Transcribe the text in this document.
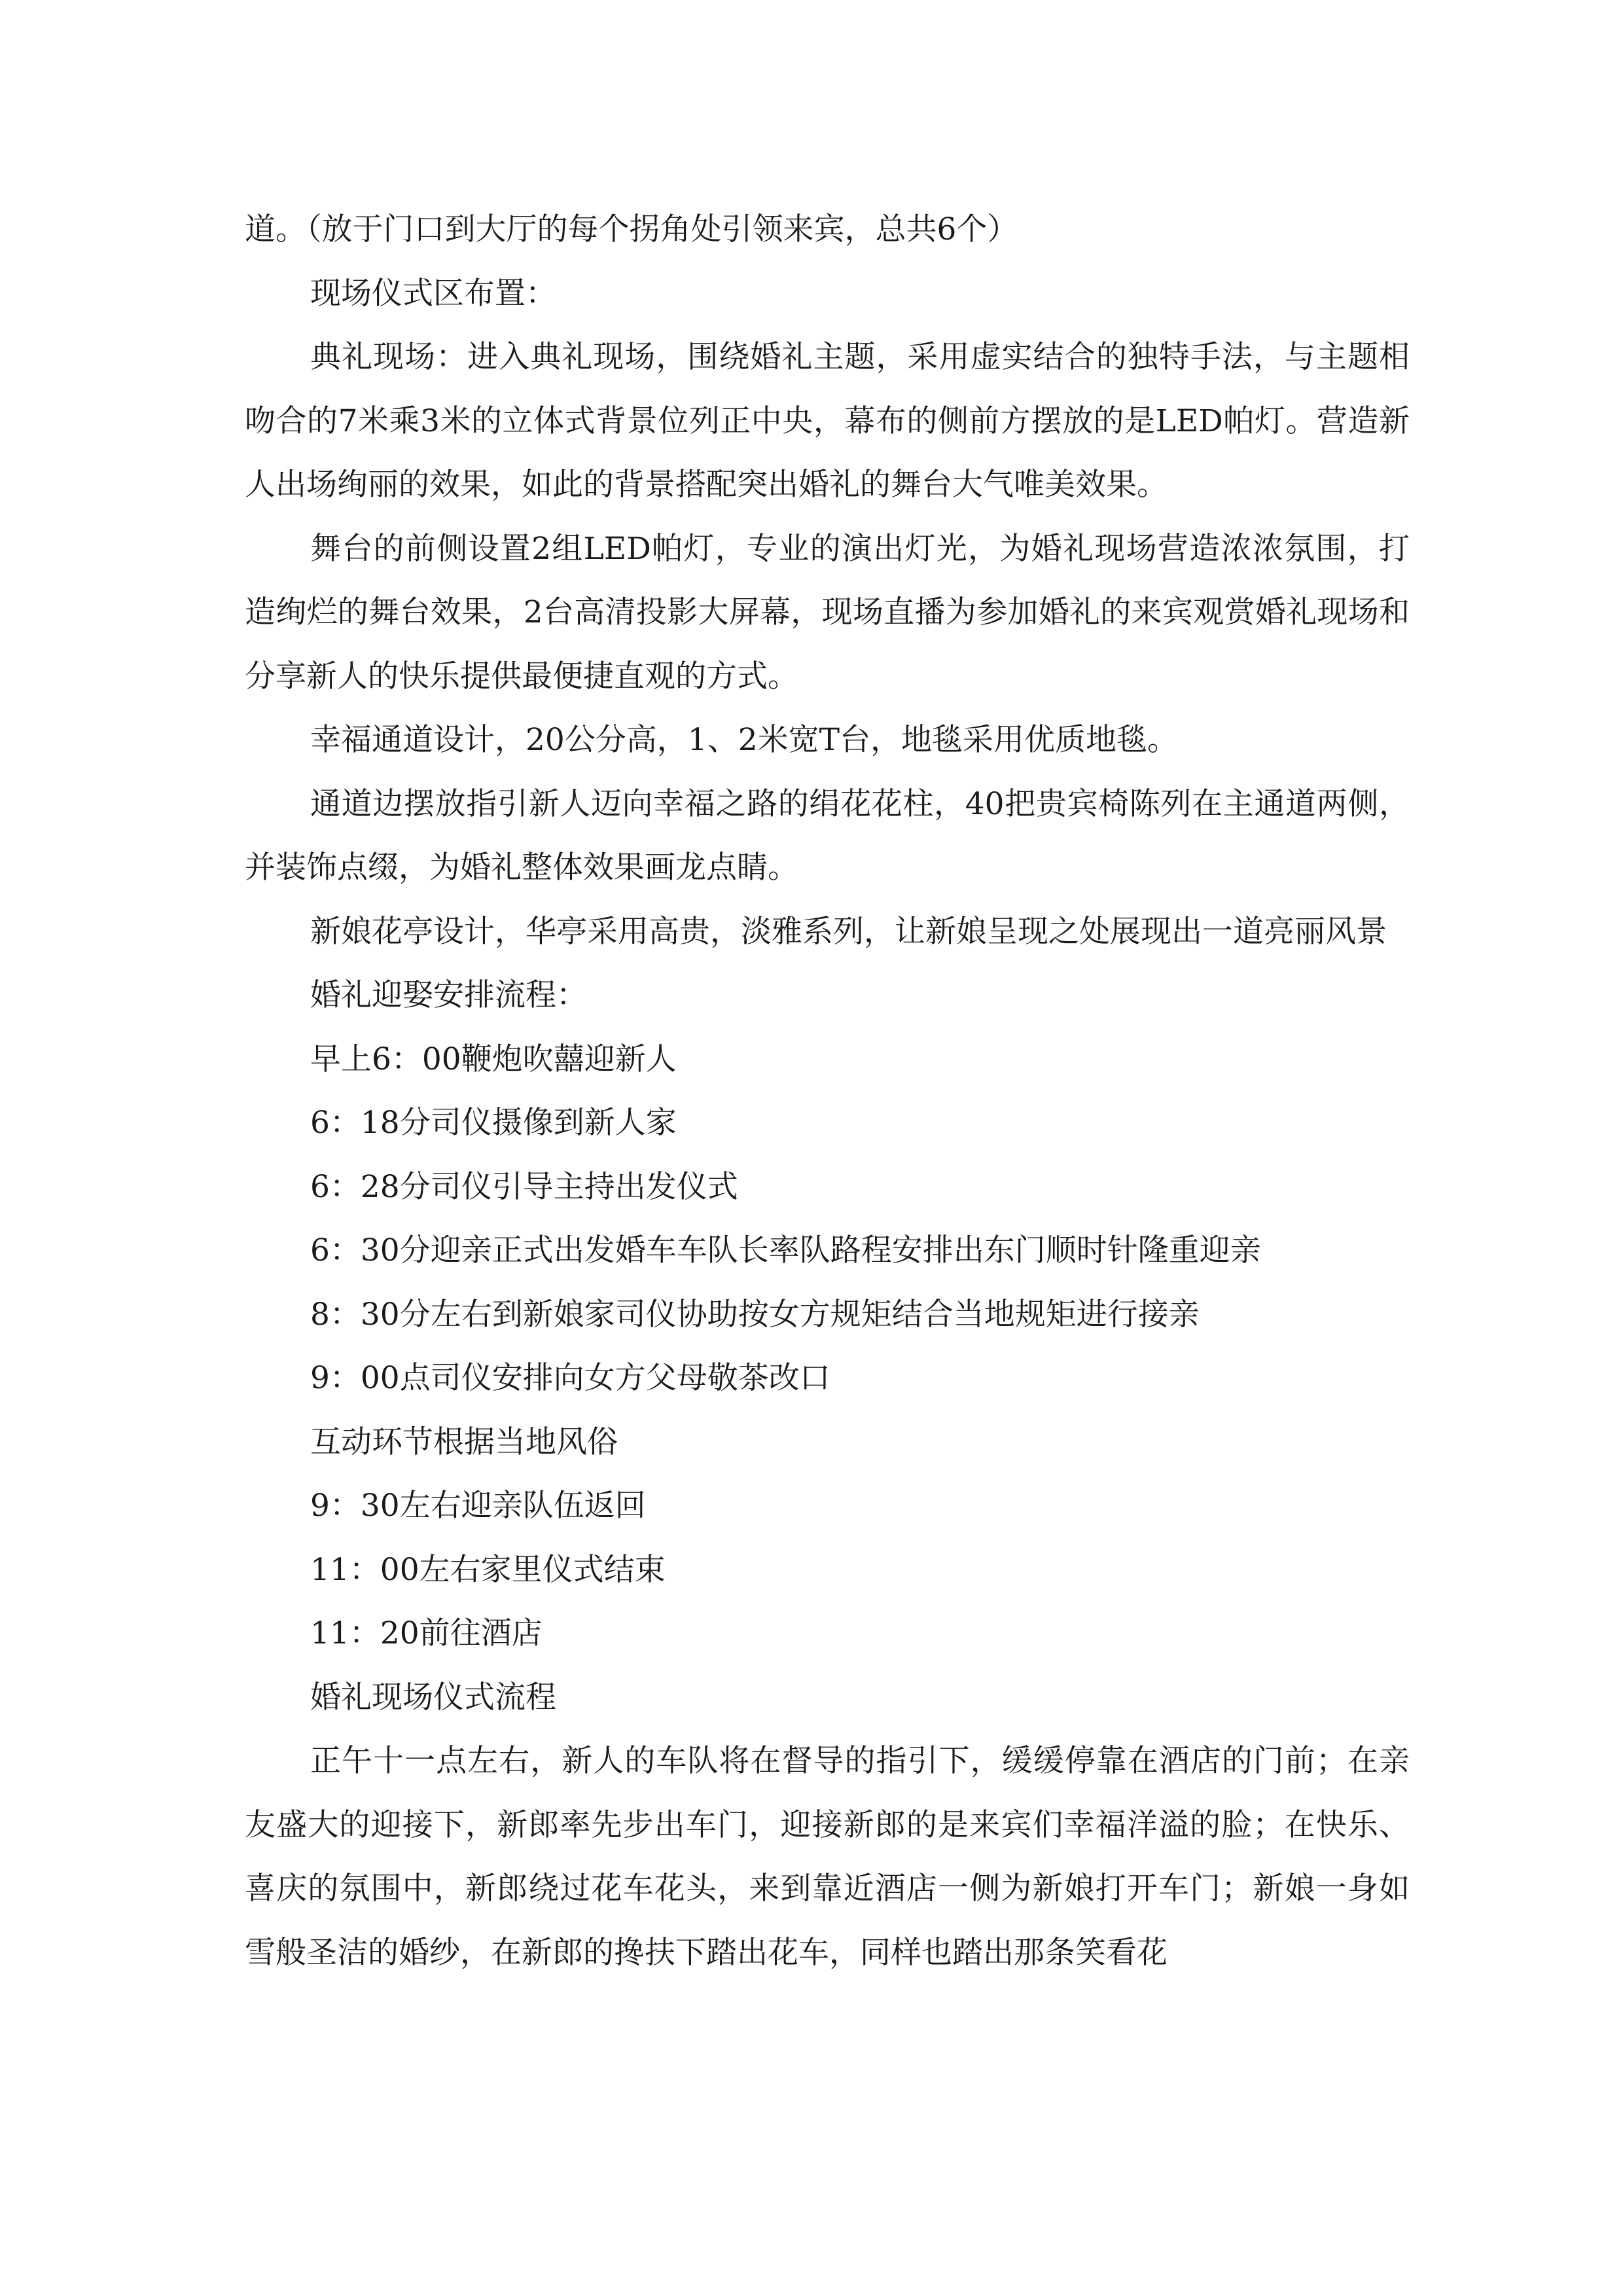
道。（放于门口到大厅的每个拐角处引领来宾，总共6个）

现场仪式区布置：

典礼现场：进入典礼现场，围绕婚礼主题，采用虚实结合的独特手法，与主题相吻合的7米乘3米的立体式背景位列正中央，幕布的侧前方摆放的是LED帕灯。营造新人出场绚丽的效果，如此的背景搭配突出婚礼的舞台大气唯美效果。

舞台的前侧设置2组LED帕灯，专业的演出灯光，为婚礼现场营造浓浓氛围，打造绚烂的舞台效果，2台高清投影大屏幕，现场直播为参加婚礼的来宾观赏婚礼现场和分享新人的快乐提供最便捷直观的方式。

幸福通道设计，20公分高，1、2米宽T台，地毯采用优质地毯。

通道边摆放指引新人迈向幸福之路的绢花花柱，40把贵宾椅陈列在主通道两侧，并装饰点缀，为婚礼整体效果画龙点睛。

新娘花亭设计，华亭采用高贵，淡雅系列，让新娘呈现之处展现出一道亮丽风景

婚礼迎娶安排流程：

早上6：00鞭炮吹囍迎新人

6：18分司仪摄像到新人家

6：28分司仪引导主持出发仪式

6：30分迎亲正式出发婚车车队长率队路程安排出东门顺时针隆重迎亲

8：30分左右到新娘家司仪协助按女方规矩结合当地规矩进行接亲

9：00点司仪安排向女方父母敬茶改口

互动环节根据当地风俗

9：30左右迎亲队伍返回

11：00左右家里仪式结束

11：20前往酒店

婚礼现场仪式流程

正午十一点左右，新人的车队将在督导的指引下，缓缓停靠在酒店的门前；在亲友盛大的迎接下，新郎率先步出车门，迎接新郎的是来宾们幸福洋溢的脸；在快乐、喜庆的氛围中，新郎绕过花车花头，来到靠近酒店一侧为新娘打开车门；新娘一身如雪般圣洁的婚纱，在新郎的搀扶下踏出花车，同样也踏出那条笑看花
